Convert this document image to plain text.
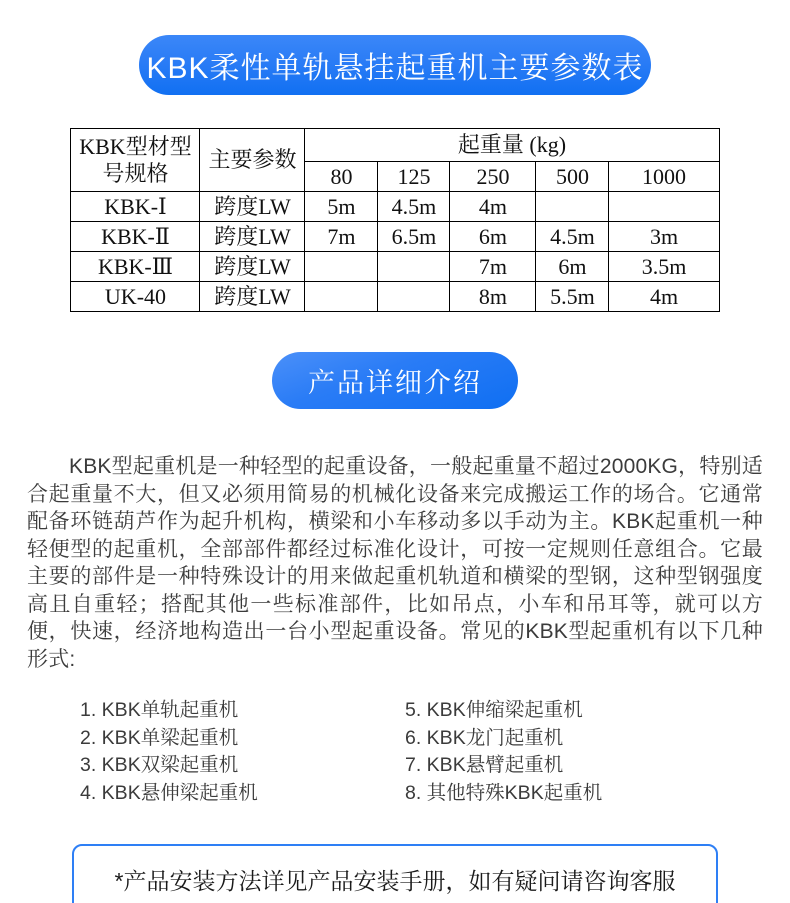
KBK柔性单轨悬挂起重机主要参数表
KBK型材型号规格	主要参数	起重量 (kg)				
		80	125	250	500	1000
KBK-Ⅰ	跨度LW	5m	4.5m	4m		
KBK-Ⅱ	跨度LW	7m	6.5m	6m	4.5m	3m
KBK-Ⅲ	跨度LW			7m	6m	3.5m
UK-40	跨度LW			8m	5.5m	4m
产品详细介绍

KBK型起重机是一种轻型的起重设备，一般起重量不超过2000KG，特别适合起重量不大，但又必须用简易的机械化设备来完成搬运工作的场合。它通常配备环链葫芦作为起升机构，横梁和小车移动多以手动为主。KBK起重机一种轻便型的起重机，全部部件都经过标准化设计，可按一定规则任意组合。它最主要的部件是一种特殊设计的用来做起重机轨道和横梁的型钢，这种型钢强度高且自重轻；搭配其他一些标准部件，比如吊点，小车和吊耳等，就可以方便，快速，经济地构造出一台小型起重设备。常见的KBK型起重机有以下几种形式:

1. KBK单轨起重机
2. KBK单梁起重机
3. KBK双梁起重机
4. KBK悬伸梁起重机
5. KBK伸缩梁起重机
6. KBK龙门起重机
7. KBK悬臂起重机
8. 其他特殊KBK起重机
*产品安装方法详见产品安装手册，如有疑问请咨询客服
